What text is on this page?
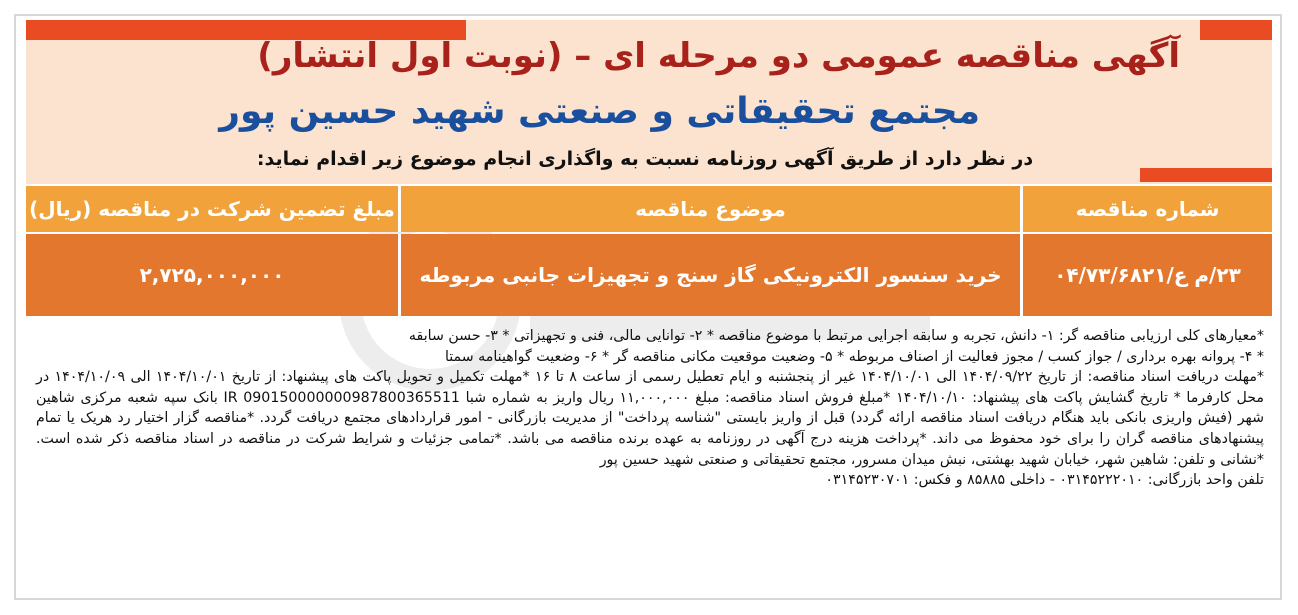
آگهی مناقصه عمومی دو مرحله ای – (نوبت اول انتشار)
مجتمع تحقیقاتی و صنعتی شهید حسین پور
در نظر دارد از طریق آگهی روزنامه نسبت به واگذاری انجام موضوع زیر اقدام نماید:
شماره مناقصه
موضوع مناقصه
مبلغ تضمین شرکت در مناقصه (ریال)
۲۳/م ع/۰۴/۷۳/۶۸۲۱
خرید سنسور الکترونیکی گاز سنج و تجهیزات جانبی مربوطه
۲,۷۲۵,۰۰۰,۰۰۰

*معیارهای کلی ارزیابی مناقصه گر: ۱- دانش، تجربه و سابقه اجرایی مرتبط با موضوع مناقصه * ۲- توانایی مالی، فنی و تجهیزاتی * ۳- حسن سابقه

* ۴- پروانه بهره برداری / جواز کسب / مجوز فعالیت از اصناف مربوطه * ۵- وضعیت موقعیت مکانی مناقصه گر * ۶- وضعیت گواهینامه سمتا

*مهلت دریافت اسناد مناقصه: از تاریخ ۱۴۰۴/۰۹/۲۲ الی ۱۴۰۴/۱۰/۰۱ غیر از پنجشنبه و ایام تعطیل رسمی از ساعت ۸ تا ۱۶ *مهلت تکمیل و تحویل پاکت های پیشنهاد: از تاریخ ۱۴۰۴/۱۰/۰۱ الی ۱۴۰۴/۱۰/۰۹ در محل کارفرما * تاریخ گشایش پاکت های پیشنهاد: ۱۴۰۴/۱۰/۱۰ *مبلغ فروش اسناد مناقصه: مبلغ ۱۱,۰۰۰,۰۰۰ ریال واریز به شماره شبا IR 090150000000987800365511 بانک سپه شعبه مرکزی شاهین شهر (فیش واریزی بانکی باید هنگام دریافت اسناد مناقصه ارائه گردد) قبل از واریز بایستی "شناسه پرداخت" از مدیریت بازرگانی - امور قراردادهای مجتمع دریافت گردد. *مناقصه گزار اختیار رد هریک یا تمام پیشنهادهای مناقصه گران را برای خود محفوظ می داند. *پرداخت هزینه درج آگهی در روزنامه به عهده برنده مناقصه می باشد. *تمامی جزئیات و شرایط شرکت در مناقصه در اسناد مناقصه ذکر شده است. *نشانی و تلفن: شاهین شهر، خیابان شهید بهشتی، نبش میدان مسرور، مجتمع تحقیقاتی و صنعتی شهید حسین پور

تلفن واحد بازرگانی: ۰۳۱۴۵۲۲۲۰۱۰ - داخلی ۸۵۸۸۵ و فکس: ۰۳۱۴۵۲۳۰۷۰۱
